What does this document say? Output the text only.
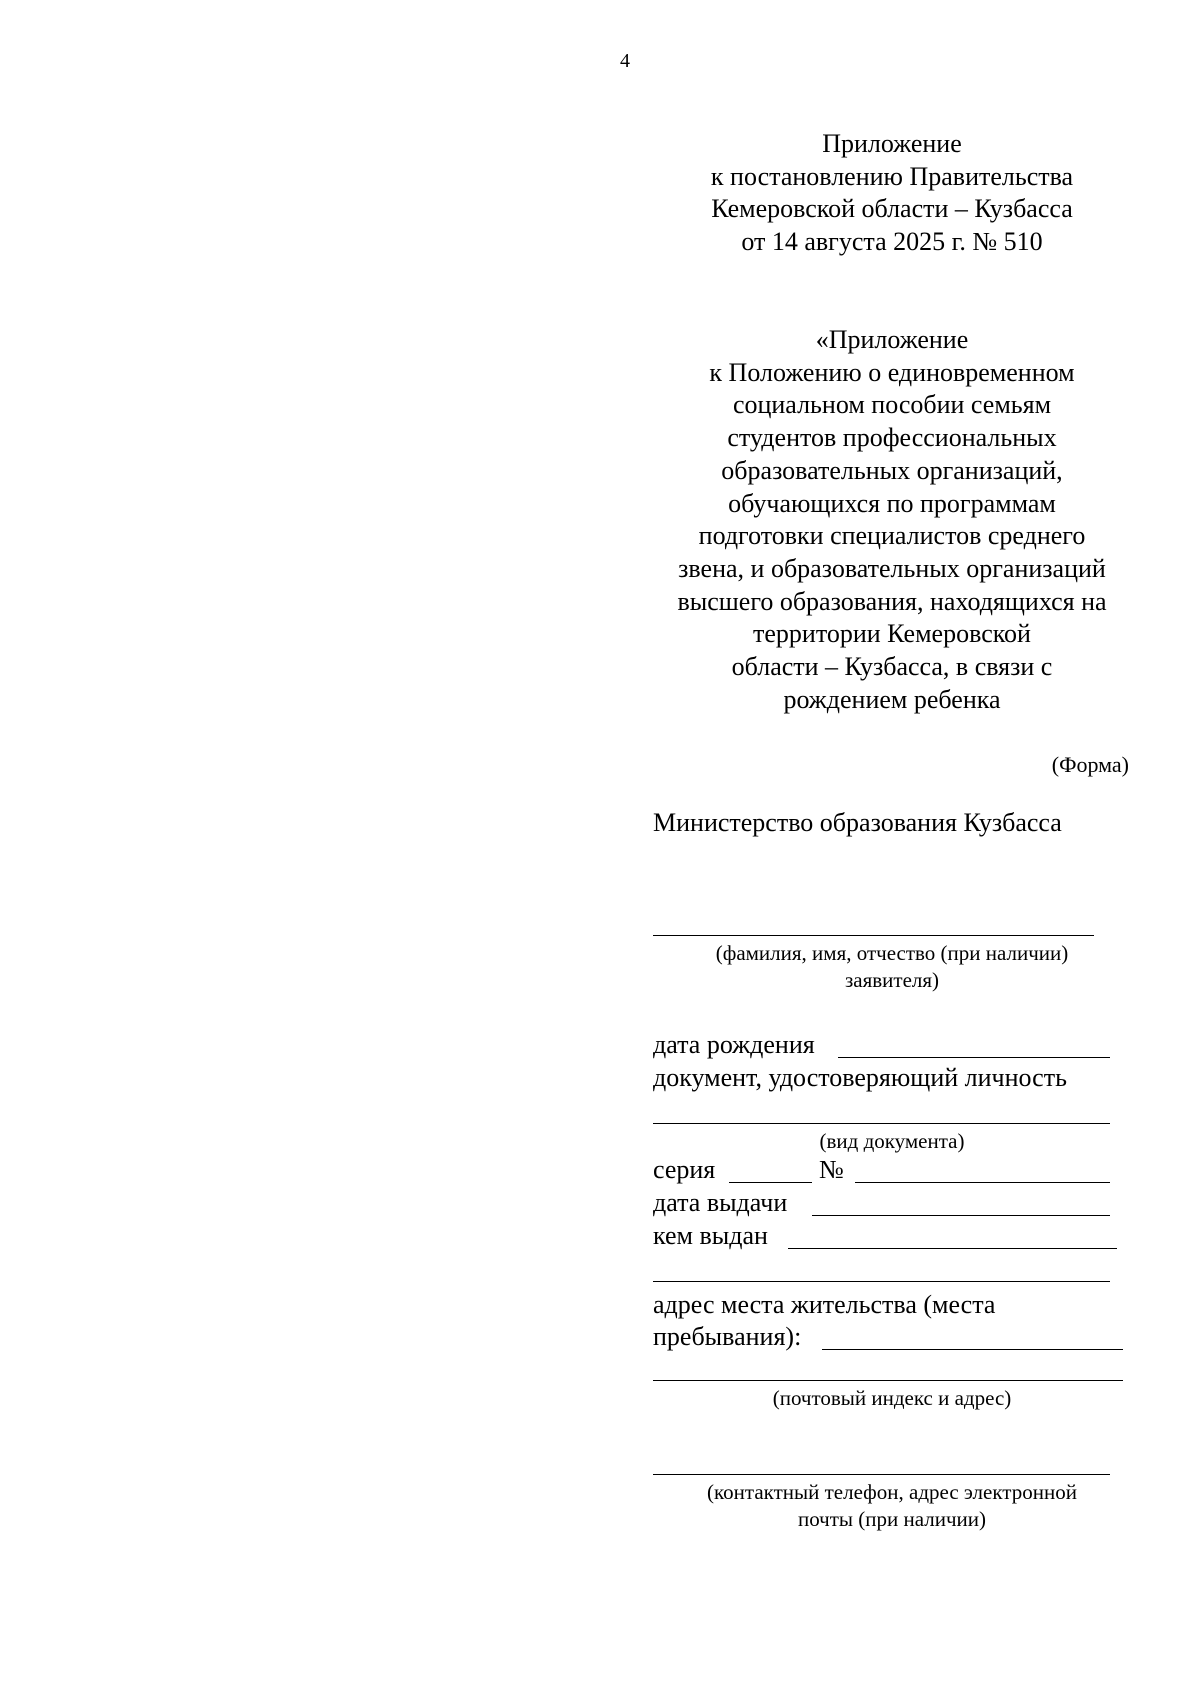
4
Приложение
к постановлению Правительства
Кемеровской области – Кузбасса
от 14 августа 2025 г. № 510
«Приложение
к Положению о единовременном
социальном пособии семьям
студентов профессиональных
образовательных организаций,
обучающихся по программам
подготовки специалистов среднего
звена, и образовательных организаций
высшего образования, находящихся на
территории Кемеровской
области – Кузбасса, в связи с
рождением ребенка
(Форма)
Министерство образования Кузбасса
(фамилия, имя, отчество (при наличии)
заявителя)
дата рождения
документ, удостоверяющий личность
(вид документа)
серия	№
дата выдачи
кем выдан
адрес места жительства (места
пребывания):
(почтовый индекс и адрес)
(контактный телефон, адрес электронной
почты (при наличии)
